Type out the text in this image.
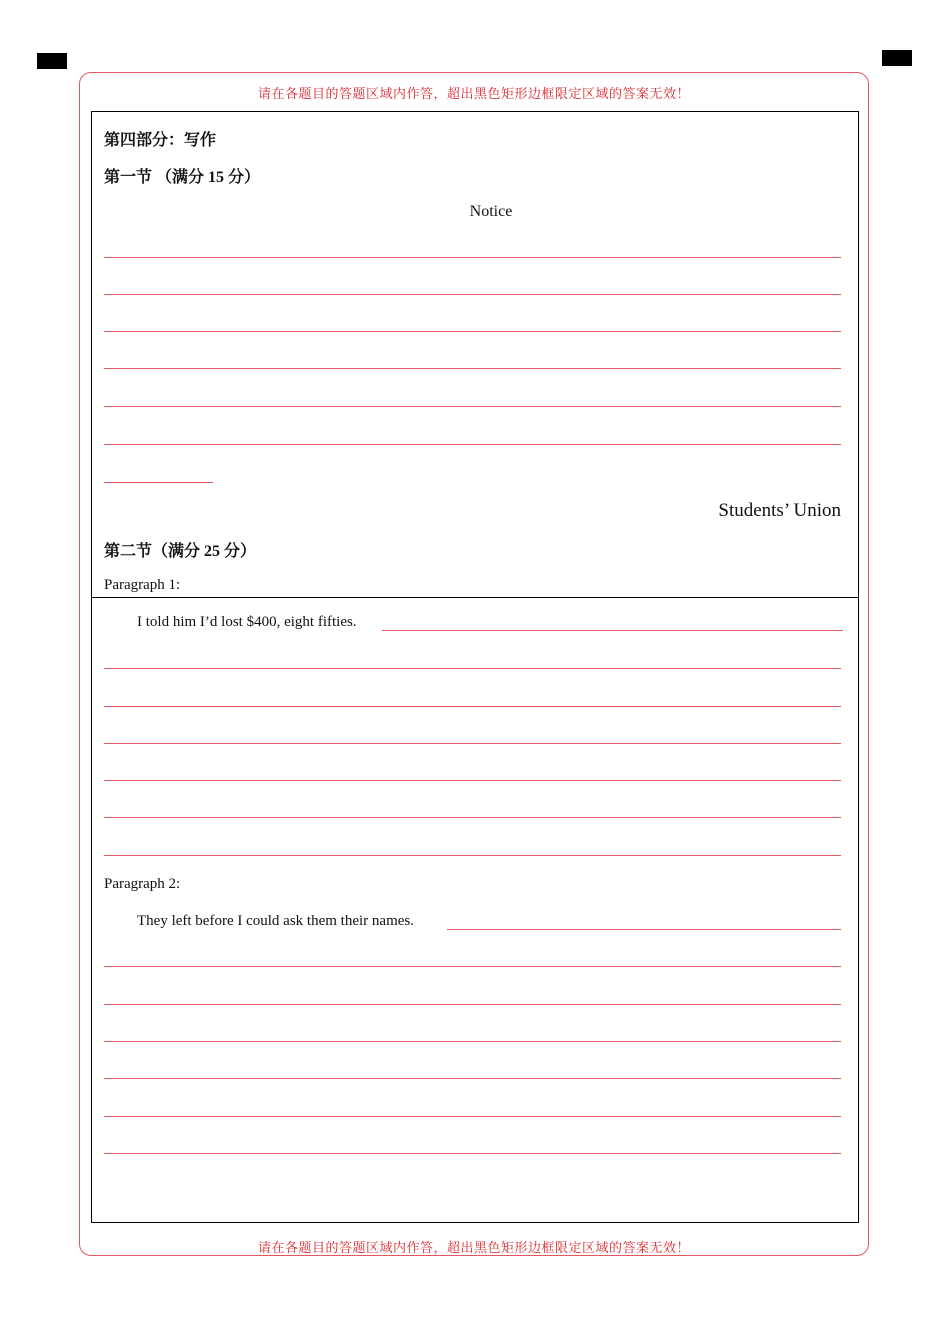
请在各题目的答题区域内作答，超出黑色矩形边框限定区域的答案无效！
请在各题目的答题区域内作答，超出黑色矩形边框限定区域的答案无效！
第四部分：写作
第一节 （满分 15 分）
Notice
Students’ Union
第二节（满分 25 分）
Paragraph 1:
I told him I’d lost $400, eight fifties.
Paragraph 2:
They left before I could ask them their names.
